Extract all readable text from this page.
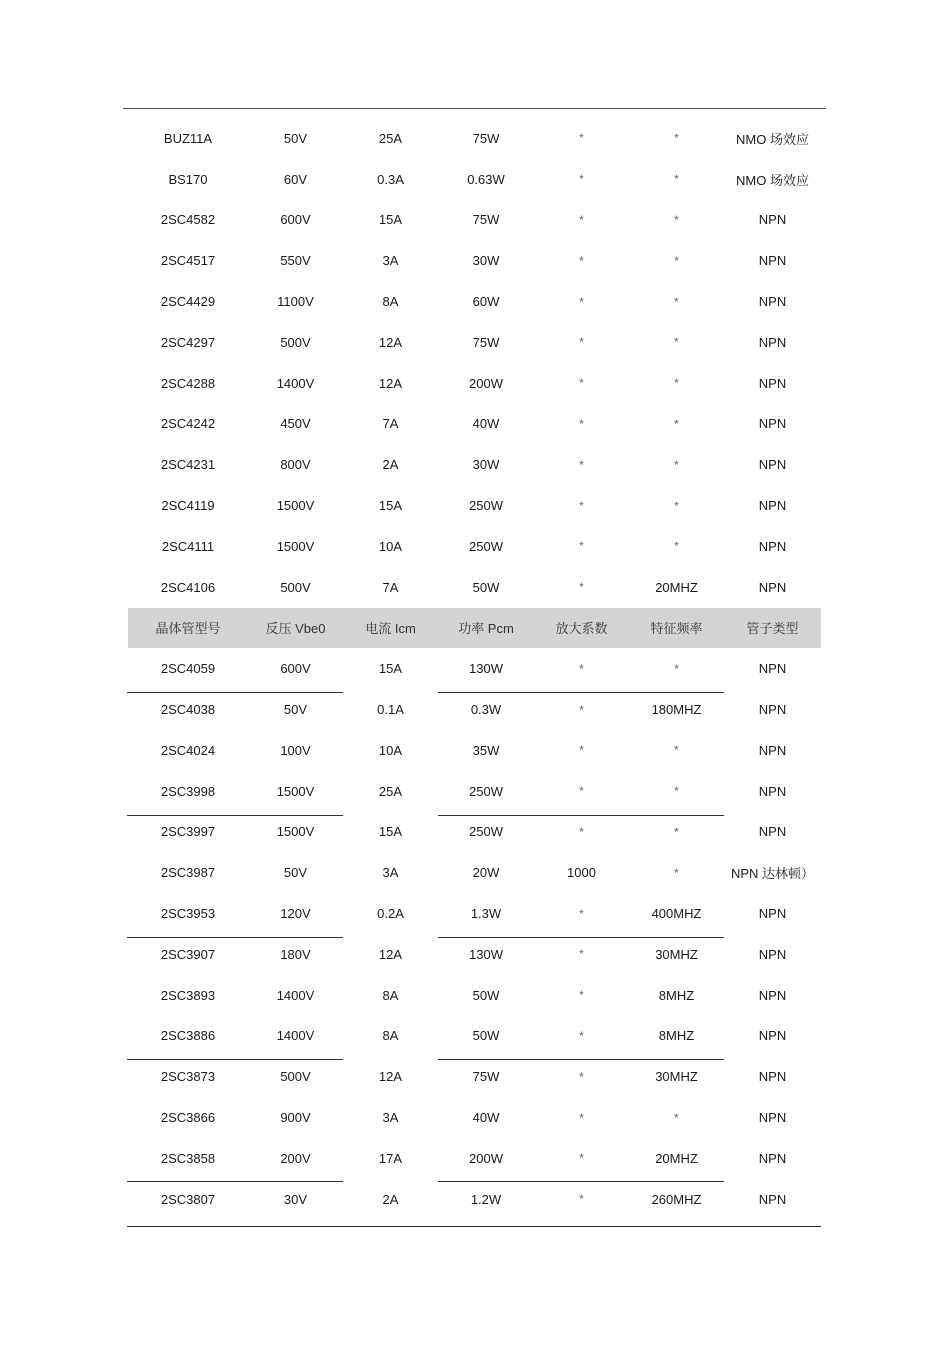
BUZ11A	50V	25A	75W	*	*	NMO 场效应
BS170	60V	0.3A	0.63W	*	*	NMO 场效应
2SC4582	600V	15A	75W	*	*	NPN
2SC4517	550V	3A	30W	*	*	NPN
2SC4429	1100V	8A	60W	*	*	NPN
2SC4297	500V	12A	75W	*	*	NPN
2SC4288	1400V	12A	200W	*	*	NPN
2SC4242	450V	7A	40W	*	*	NPN
2SC4231	800V	2A	30W	*	*	NPN
2SC4119	1500V	15A	250W	*	*	NPN
2SC4111	1500V	10A	250W	*	*	NPN
2SC4106	500V	7A	50W	*	20MHZ	NPN
晶体管型号	反压 Vbe0	电流 Icm	功率 Pcm	放大系数	特征频率	管子类型
2SC4059	600V	15A	130W	*	*	NPN
2SC4038	50V	0.1A	0.3W	*	180MHZ	NPN
2SC4024	100V	10A	35W	*	*	NPN
2SC3998	1500V	25A	250W	*	*	NPN
2SC3997	1500V	15A	250W	*	*	NPN
2SC3987	50V	3A	20W	1000	*	NPN 达林顿）
2SC3953	120V	0.2A	1.3W	*	400MHZ	NPN
2SC3907	180V	12A	130W	*	30MHZ	NPN
2SC3893	1400V	8A	50W	*	8MHZ	NPN
2SC3886	1400V	8A	50W	*	8MHZ	NPN
2SC3873	500V	12A	75W	*	30MHZ	NPN
2SC3866	900V	3A	40W	*	*	NPN
2SC3858	200V	17A	200W	*	20MHZ	NPN
2SC3807	30V	2A	1.2W	*	260MHZ	NPN
